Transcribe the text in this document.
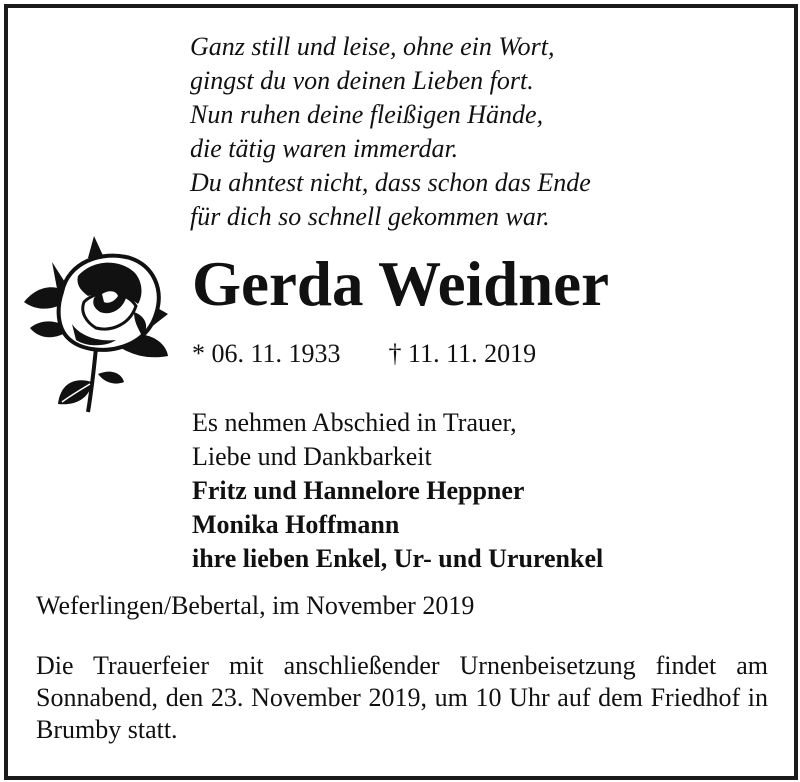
Ganz still und leise, ohne ein Wort,
gingst du von deinen Lieben fort.
Nun ruhen deine fleißigen Hände,
die tätig waren immerdar.
Du ahntest nicht, dass schon das Ende
für dich so schnell gekommen war.
Gerda Weidner
* 06. 11. 1933 † 11. 11. 2019
Es nehmen Abschied in Trauer,
Liebe und Dankbarkeit
Fritz und Hannelore Heppner
Monika Hoffmann
ihre lieben Enkel, Ur- und Ururenkel
Weferlingen/Bebertal, im November 2019
Die Trauerfeier mit anschließender Urnenbeisetzung findet am Sonnabend, den 23. November 2019, um 10 Uhr auf dem Friedhof in Brumby statt.
